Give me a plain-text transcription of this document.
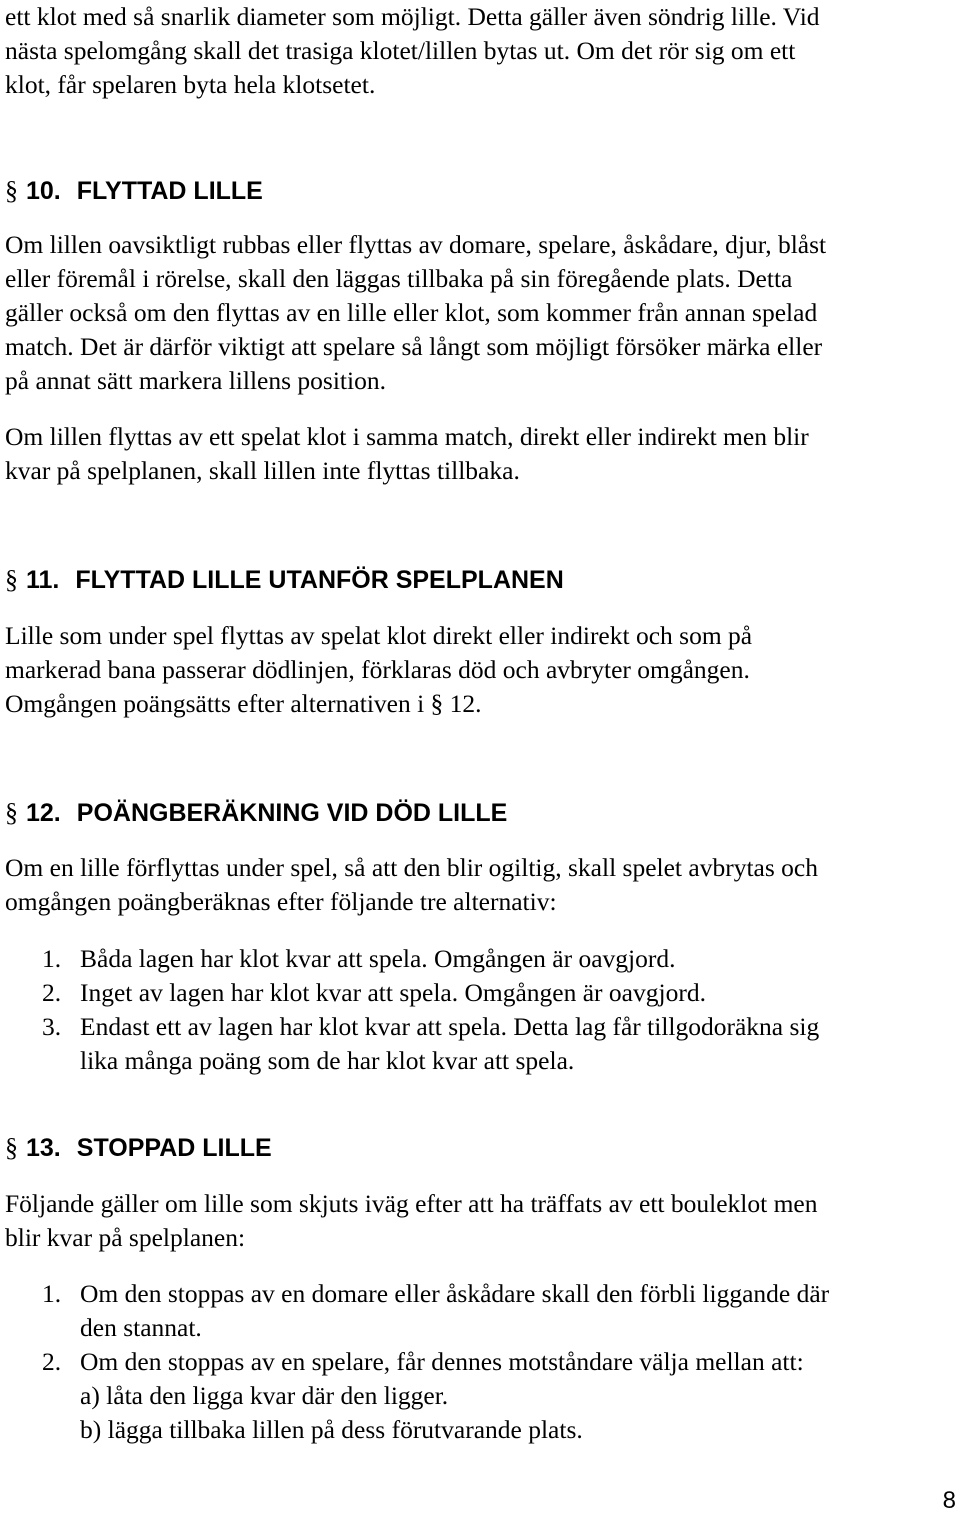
ett klot med så snarlik diameter som möjligt. Detta gäller även söndrig lille. Vid
nästa spelomgång skall det trasiga klotet/lillen bytas ut. Om det rör sig om ett
klot, får spelaren byta hela klotsetet.
§ 10. FLYTTAD LILLE
Om lillen oavsiktligt rubbas eller flyttas av domare, spelare, åskådare, djur, blåst
eller föremål i rörelse, skall den läggas tillbaka på sin föregående plats. Detta
gäller också om den flyttas av en lille eller klot, som kommer från annan spelad
match. Det är därför viktigt att spelare så långt som möjligt försöker märka eller
på annat sätt markera lillens position.
Om lillen flyttas av ett spelat klot i samma match, direkt eller indirekt men blir
kvar på spelplanen, skall lillen inte flyttas tillbaka.
§ 11. FLYTTAD LILLE UTANFÖR SPELPLANEN
Lille som under spel flyttas av spelat klot direkt eller indirekt och som på
markerad bana passerar dödlinjen, förklaras död och avbryter omgången.
Omgången poängsätts efter alternativen i § 12.
§ 12. POÄNGBERÄKNING VID DÖD LILLE
Om en lille förflyttas under spel, så att den blir ogiltig, skall spelet avbrytas och
omgången poängberäknas efter följande tre alternativ:
1. Båda lagen har klot kvar att spela. Omgången är oavgjord.
2. Inget av lagen har klot kvar att spela. Omgången är oavgjord.
3. Endast ett av lagen har klot kvar att spela. Detta lag får tillgodoräkna sig
lika många poäng som de har klot kvar att spela.
§ 13. STOPPAD LILLE
Följande gäller om lille som skjuts iväg efter att ha träffats av ett bouleklot men
blir kvar på spelplanen:
1. Om den stoppas av en domare eller åskådare skall den förbli liggande där
den stannat.
2. Om den stoppas av en spelare, får dennes motståndare välja mellan att:
a) låta den ligga kvar där den ligger.
b) lägga tillbaka lillen på dess förutvarande plats.
8
